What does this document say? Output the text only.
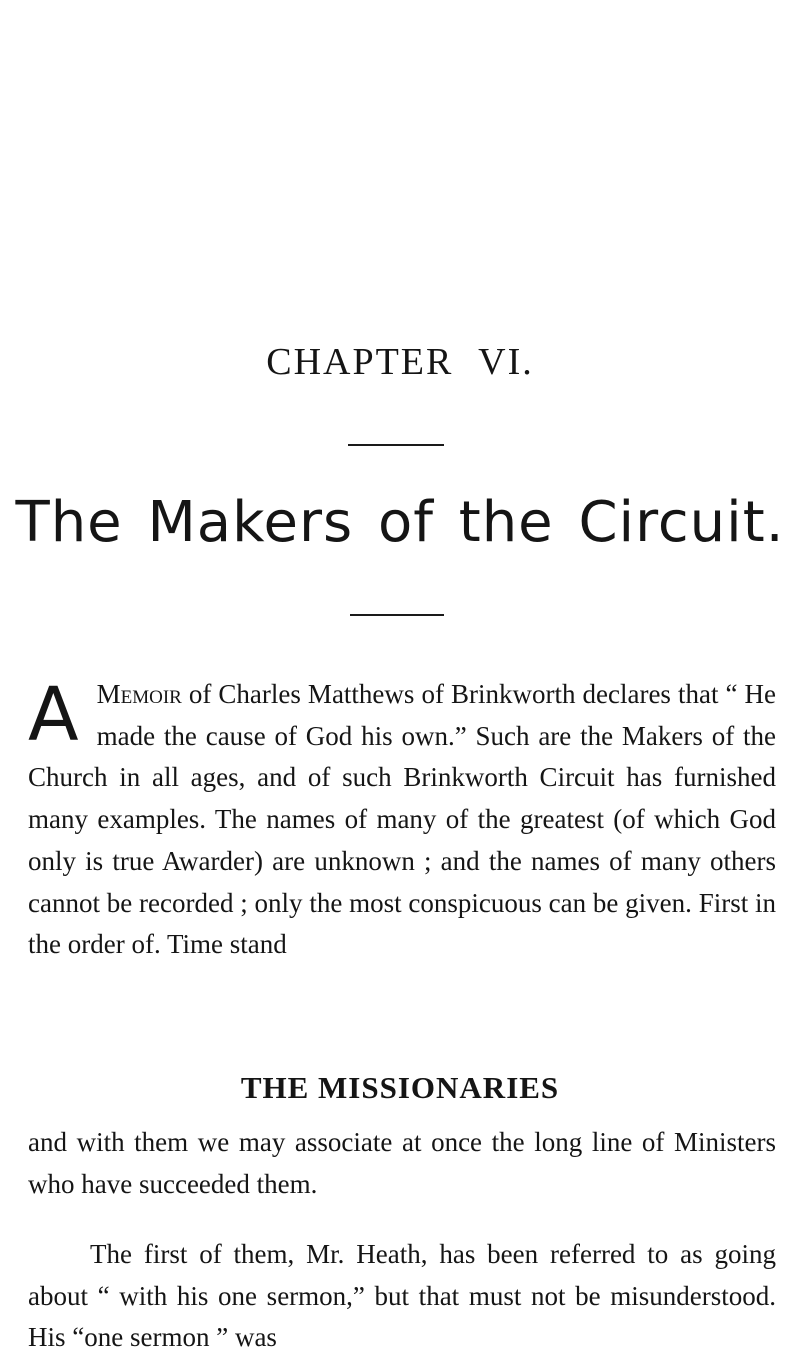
CHAPTER VI.
The Makers of the Circuit.
A Memoir of Charles Matthews of Brinkworth declares that “ He made the cause of God his own.” Such are the Makers of the Church in all ages, and of such Brinkworth Circuit has furnished many examples. The names of many of the greatest (of which God only is true Awarder) are unknown ; and the names of many others cannot be recorded ; only the most conspicuous can be given. First in the order of. Time stand
THE MISSIONARIES
and with them we may associate at once the long line of Ministers who have succeeded them.
The first of them, Mr. Heath, has been referred to as going about “ with his one sermon,” but that must not be misunderstood. His “one sermon ” was
